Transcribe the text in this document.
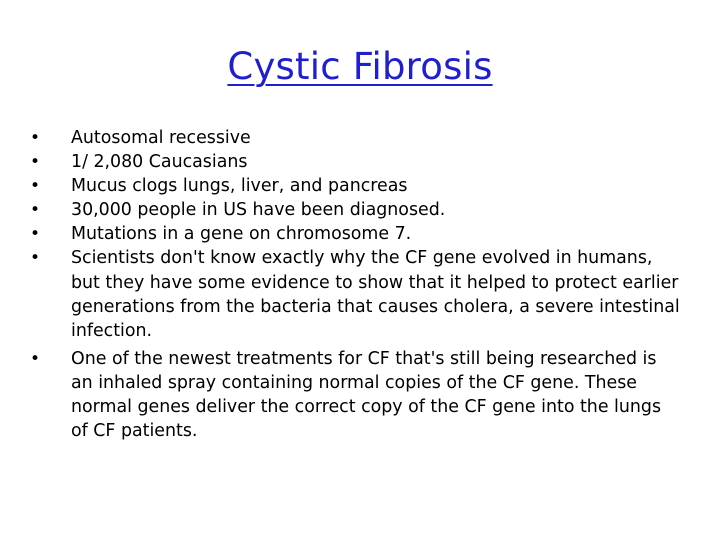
Cystic Fibrosis
•	Autosomal recessive
•	1/ 2,080 Caucasians
•	Mucus clogs lungs, liver, and pancreas
•	30,000 people in US have been diagnosed.
•	Mutations in a gene on chromosome 7.
•	Scientists don't know exactly why the CF gene evolved in humans, but they have some evidence to show that it helped to protect earlier generations from the bacteria that causes cholera, a severe intestinal infection.
•	One of the newest treatments for CF that's still being researched is an inhaled spray containing normal copies of the CF gene. These normal genes deliver the correct copy of the CF gene into the lungs of CF patients.
